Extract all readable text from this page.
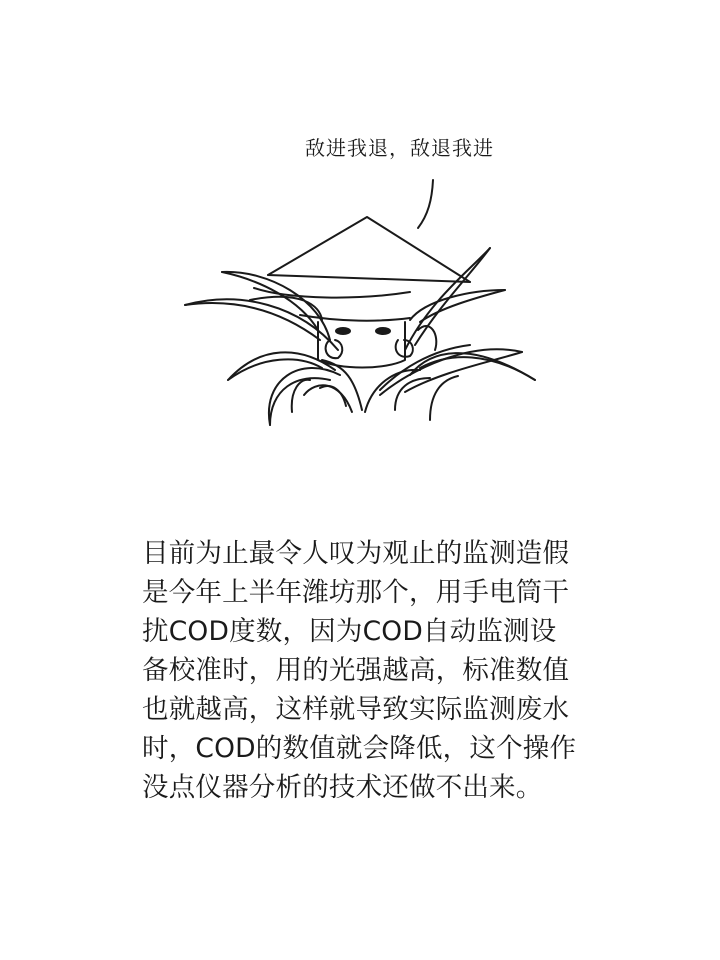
敌进我退，敌退我进
目前为止最令人叹为观止的监测造假是今年上半年潍坊那个，用手电筒干扰COD度数，因为COD自动监测设备校准时，用的光强越高，标准数值也就越高，这样就导致实际监测废水时，COD的数值就会降低，这个操作没点仪器分析的技术还做不出来。
